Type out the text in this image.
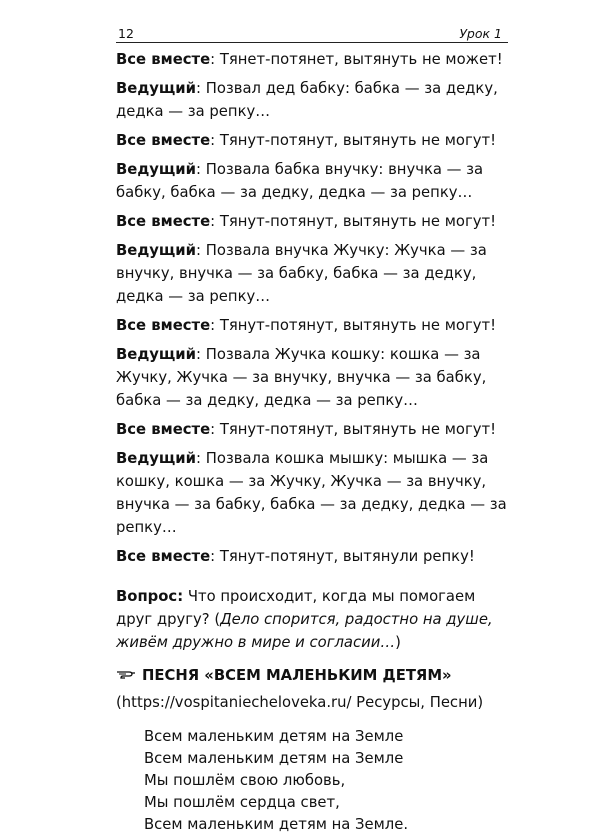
12	Урок 1

Все вместе: Тянет-потянет, вытянуть не может!

Ведущий: Позвал дед бабку: бабка — за дедку, дедка — за репку…

Все вместе: Тянут-потянут, вытянуть не могут!

Ведущий: Позвала бабка внучку: внучка — за бабку, бабка — за дедку, дедка — за репку…

Все вместе: Тянут-потянут, вытянуть не могут!

Ведущий: Позвала внучка Жучку: Жучка — за внучку, внучка — за бабку, бабка — за дедку, дедка — за репку…

Все вместе: Тянут-потянут, вытянуть не могут!

Ведущий: Позвала Жучка кошку: кошка — за Жучку, Жучка — за внучку, внучка — за бабку, бабка — за дедку, дедка — за репку…

Все вместе: Тянут-потянут, вытянуть не могут!

Ведущий: Позвала кошка мышку: мышка — за кошку, кошка — за Жучку, Жучка — за внучку, внучка — за бабку, бабка — за дедку, дедка — за репку…

Все вместе: Тянут-потянут, вытянули репку!

Вопрос: Что происходит, когда мы помогаем друг другу? (Дело спорится, радостно на душе, живём дружно в мире и согласии…)

ПЕСНЯ «ВСЕМ МАЛЕНЬКИМ ДЕТЯМ»
(https://vospitaniecheloveka.ru/ Ресурсы, Песни)
Всем маленьким детям на Земле
Всем маленьким детям на Земле
Мы пошлём свою любовь,
Мы пошлём сердца свет,
Всем маленьким детям на Земле.
